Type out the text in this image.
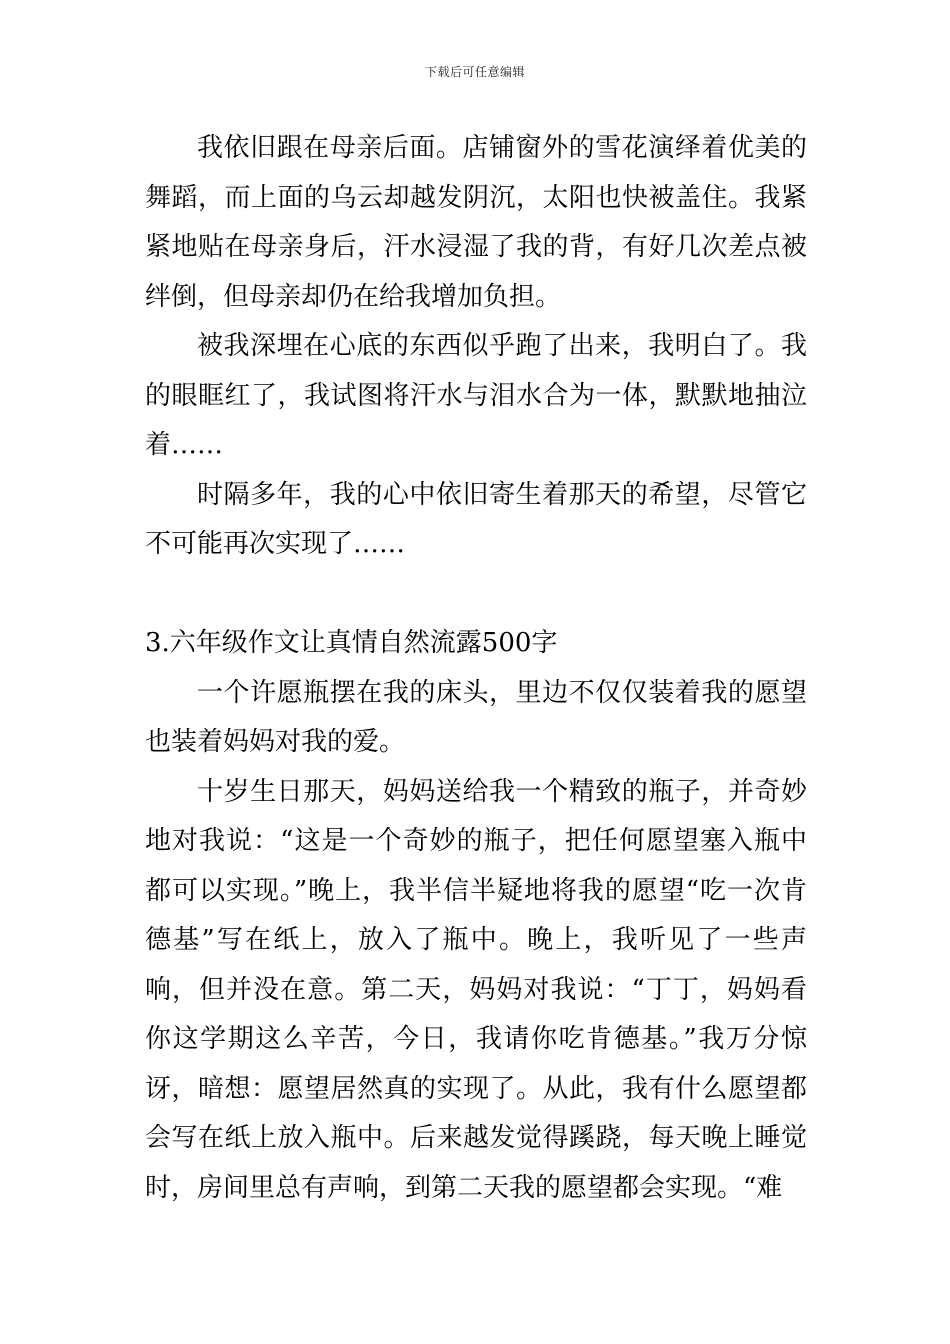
下载后可任意编辑

我依旧跟在母亲后面。店铺窗外的雪花演绎着优美的舞蹈，而上面的乌云却越发阴沉，太阳也快被盖住。我紧紧地贴在母亲身后，汗水浸湿了我的背，有好几次差点被绊倒，但母亲却仍在给我增加负担。

被我深埋在心底的东西似乎跑了出来，我明白了。我的眼眶红了，我试图将汗水与泪水合为一体，默默地抽泣着……

时隔多年，我的心中依旧寄生着那天的希望，尽管它不可能再次实现了……

3.六年级作文让真情自然流露500字

一个许愿瓶摆在我的床头，里边不仅仅装着我的愿望也装着妈妈对我的爱。

十岁生日那天，妈妈送给我一个精致的瓶子，并奇妙地对我说：“这是一个奇妙的瓶子，把任何愿望塞入瓶中都可以实现。”晚上，我半信半疑地将我的愿望“吃一次肯德基”写在纸上，放入了瓶中。晚上，我听见了一些声响，但并没在意。第二天，妈妈对我说：“丁丁，妈妈看你这学期这么辛苦，今日，我请你吃肯德基。”我万分惊讶，暗想：愿望居然真的实现了。从此，我有什么愿望都会写在纸上放入瓶中。后来越发觉得蹊跷，每天晚上睡觉时，房间里总有声响，到第二天我的愿望都会实现。“难
